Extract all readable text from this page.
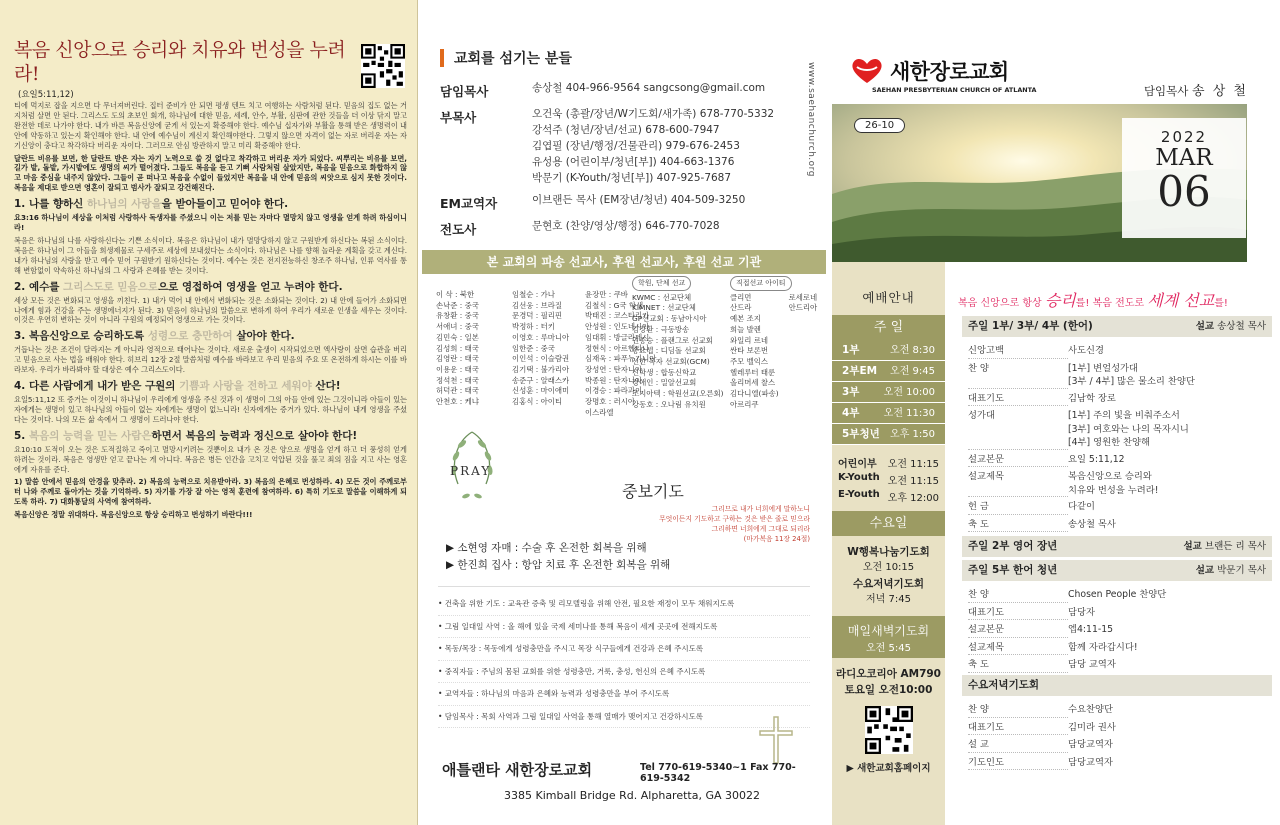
복음 신앙으로 승리와 치유와 번성을 누려라!
(요일5:11,12)

티에 먹지로 잡을 지으면 다 무너져버린다. 집터 준비가 안 되면 평생 텐트 치고 여행하는 사람처럼 된다. 믿음의 집도 없는 거지처럼 살면 안 된다. 그리스도 도의 초보인 회개, 하나님에 대한 믿음, 세례, 안수, 부활, 심판에 관한 것들을 더 이상 닦지 말고 완전한 데로 나가야 한다. 내가 바른 복음신앙에 굳게 서 있는지 확증해야 한다. 예수님 십자가와 부활을 통해 받은 생명력이 내 안에 약동하고 있는지 확인해야 한다. 내 안에 예수님이 계신지 확인해야한다. 그렇지 않으면 자격이 없는 자로 버리운 자는 자기신앙이 충다고 착각하다 버리운 자이다. 그러므로 안심 방관하지 말고 미리 확증해야 한다.

달란트 비유를 보면, 한 달란트 받은 자는 자기 노력으로 쓸 것 없다고 착각하고 버리운 자가 되었다. 씨뿌리는 비유를 보면, 길가 밭, 돌밭, 가시밭에도 생명의 씨가 떨어졌다. 그들도 복음을 듣고 기뻐 사람처럼 살았지만, 복음을 믿음으로 화합하지 않고 마음 중심을 내주지 않았다. 그들이 곧 떠나고 복음을 수없이 들었지만 복음을 내 안에 믿음의 씨앗으로 심지 못한 것이다. 복음을 제대로 받으면 영혼이 잘되고 범사가 잘되고 강건해진다.

1. 나를 향하신 하나님의 사랑을을 받아들이고 믿어야 한다.

요3:16 하나님이 세상을 이처럼 사랑하사 독생자를 주셨으니 이는 저를 믿는 자마다 멸망치 않고 영생을 얻게 하려 하심이니라!

복음은 하나님의 나를 사랑하신다는 기쁜 소식이다. 복음은 하나님이 내가 멸망당하지 않고 구원받게 하신다는 복된 소식이다. 복음은 하나님이 그 아들을 희생제물로 구세주로 세상에 보내셨다는 소식이다. 하나님은 나를 향해 놀라운 계획을 갖고 계신다. 내가 하나님의 사랑을 받고 예수 믿어 구원받기 원하신다는 것이다. 예수는 것은 전지전능하신 창조주 하나님, 인류 역사를 통해 변함없이 약속하신 하나님의 그 사랑과 은혜를 받는 것이다.

2. 예수를 그리스도로 믿음으로으로 영접하여 영생을 얻고 누려야 한다.

세상 모든 것은 변화되고 영생을 끼친다. 1) 내가 먹어 내 안에서 변화되는 것은 소화되는 것이다. 2) 내 안에 들어가 소화되면 나에게 힘과 건강을 주는 생명에너지가 된다. 3) 믿음이 하나님의 말씀으로 변하게 하여 우리가 새로운 인생을 세우는 것이다. 이것은 우연히 변하는 것이 아니라 구원의 예정되어 영생으로 가는 것이다.

3. 복음신앙으로 승리하도록 성령으로 충만하여 살아야 한다.

거듭나는 것은 조건이 달라지는 게 아니라 영적으로 태어나는 것이다. 새로운 출생이 시작되었으면 엑사랑이 살면 습관을 버리고 믿음으로 사는 법을 배워야 한다. 히브리 12장 2절 말씀처럼 예수를 바라보고 우리 믿음의 주요 또 온전하게 하시는 이를 바라보자. 우리가 바라봐야 할 대상은 예수 그리스도이다.

4. 다른 사람에게 내가 받은 구원의 기쁨과 사랑을 전하고 세워야 산다!

요일5:11,12 또 증거는 이것이니 하나님이 우리에게 영생을 주신 것과 이 생명이 그의 아들 안에 있는 그것이니라 아들이 있는 자에게는 생명이 있고 하나님의 아들이 없는 자에게는 생명이 없느니라! 신자에게는 증거가 있다. 하나님이 내게 영생을 주셨다는 것이다. 나의 모든 삶 속에서 그 생명이 드러나야 한다.

5. 복음의 능력을 믿는 사람은하면서 복음의 능력과 정신으로 살아야 한다!

요10:10 도적이 오는 것은 도적질하고 죽이고 멸망시키려는 것뿐이요 내가 온 것은 양으로 생명을 얻게 하고 더 풍성히 얻게 하려는 것이라. 복음은 영생만 얻고 끝나는 게 아니다. 복음은 병든 인간을 고치고 억압된 것을 풀고 죄의 짐을 지고 사는 영혼에게 자유를 준다.

1) 말씀 안에서 믿음의 안경을 맞추라. 2) 복음의 능력으로 치유받아라. 3) 복음의 은혜로 번성하라. 4) 모든 것이 주께로부터 나와 주께로 돌아가는 것을 기억하라. 5) 자기를 가장 잘 아는 영적 훈련에 참여하라. 6) 특히 기도로 말씀을 이해하게 되도록 하라. 7) 대화통달의 사역에 참여하라.

복음신앙은 정말 위대하다. 복음신앙으로 항상 승리하고 번성하기 바란다!!!

교회를 섬기는 분들
담임목사	송상철 404-966-9564 sangcsong@gmail.com
부목사	오건욱 (총괄/장년/W기도회/새가족) 678-770-5332
강석주 (청년/장년/선교) 678-600-7947
김엽필 (장년/행정/건물관리) 979-676-2453
유성용 (어린이부/청년[부]) 404-663-1376
박문기 (K-Youth/청년[부]) 407-925-7687
EM교역자	이브랜든 목사 (EM장년/청년) 404-509-3250
전도사	문현호 (찬양/영상/행정) 646-770-7028
본 교회의 파송 선교사, 후원 선교사, 후원 선교 기관
이 삭 : 북한
손낙준 : 중국
유창환 : 중국
서애녀 : 중국
김민숙 : 일본
김성희 : 태국
김영란 : 태국
이용운 : 태국
정석천 : 태국
허덕관 : 태국
안천호 : 케냐
임철순 : 가나
김선웅 : 브라질
문경덕 : 필리핀
박정하 : 터키
이영호 : 루마니아
임한준 : 중국
이인석 : 이슬람권
김기택 : 불가리아
송준구 : 알래스카
신성훈 : 마이애미
김홍식 : 아이티
윤장만 : 쿠바
김철식 : G국 학생
박태진 : 코스타리카
안성원 : 인도네시아
임대휘 : 방글라데시
정현식 : 아르헨티나
심재욱 : 파푸뉴기니아
장성연 : 탄자니아
박종원 : 탄자니아
이경승 : 파라과이
장명호 : 러시아
이스라엘
학원, 단체 선교
KWMC : 선교단체
KIMNET : 선교단체
GP선교회 : 동남아시아
김장환 : 극동방송
권종승 : 플랜그로 선교회
송요셉 : 디딤돌 선교회
선한 목자 선교회(GCM)
신학생 : 합동신학교
장애인 : 밀알선교회
조지아텍 : 학원선교(오른회)
강동호 : 오나림 유치원
직접선교 아이티
클리먼
산드라
예본 조지
희늘 발렌
와일리 르네
싼타 보론번
주모 벨익스
헬레루터 태룬
올리머세 찰스
김다니엘(파송)
아르리쿠
로세로네
안드리아
PRAY
중보기도
그리므로 내가 너희에게 말하노니
무엇이든지 기도하고 구하는 것은 받은 줄로 믿으라
그리하면 너희에게 그대로 되리라
(마가복음 11장 24절)
▶ 소현영 자매 : 수술 후 온전한 회복을 위해
▶ 한진희 집사 : 항암 치료 후 온전한 회복을 위해
• 건축을 위한 기도 : 교육관 증축 및 리모델링을 위해 안전, 필요한 재정이 모두 채워지도록
• 그림 일대일 사역 : 올 해에 있을 국제 세미나를 통해 복음이 세계 곳곳에 전해지도록
• 목동/목장 : 목동에게 성령충만을 주시고 목장 식구들에게 건강과 은혜 주시도록
• 중직자들 : 주님의 몸된 교회를 위한 성령충만, 거룩, 충성, 헌신의 은혜 주시도록
• 교역자들 : 하나님의 마음과 은혜와 능력과 성령충만을 부어 주시도록
• 담임목사 : 목회 사역과 그림 일대일 사역을 통해 열매가 맺어지고 건강하시도록
애틀랜타 새한장로교회	Tel 770-619-5340~1 Fax 770-619-5342
3385 Kimball Bridge Rd. Alpharetta, GA 30022
www.saehanchurch.org	새한장로교회
SAEHAN PRESBYTERIAN CHURCH OF ATLANTA	담임목사 송 상 철
26-10
2022
MAR
06
예배안내
주 일
1부	오전 8:30
2부EM 오전 9:45
3부 오전 10:00
4부 오전 11:30
5부청년 오후 1:50
어린이부 오전 11:15
K-Youth 오전 11:15
E-Youth 오후 12:00
수요일
W행복나눔기도회
오전 10:15
수요저녁기도회
저녁 7:45
매일새벽기도회
오전 5:45
라디오코리아 AM790
토요일 오전10:00
▶ 새한교회홈페이지
복음 신앙으로 항상 승리를! 복음 전도로 세계 선교를!
주일 1부/ 3부/ 4부 (한어)	설교 송상철 목사
신앙고백	사도신경
찬 양	[1부] 변얼성가대
[3부 / 4부] 많은 물소리 찬양단
대표기도	김남학 장로
성가대	[1부] 주의 빛을 비춰주소서
[3부] 여호와는 나의 목자시니
[4부] 영원한 찬양해
설교본문	요일 5:11,12
설교제목	복음신앙으로 승리와
치유와 번성을 누려라!
헌 금	다같이
축 도	송상철 목사
주일 2부 영어 장년	설교 브랜든 리 목사
주일 5부 한어 청년	설교 박문기 목사
찬 양	Chosen People 찬양단
대표기도	담당자
설교본문	엡4:11-15
설교제목	함께 자라갑시다!
축 도	담당 교역자
수요저녁기도회
찬 양	수요찬양단
대표기도	김미라 권사
설 교	담당교역자
기도인도	담당교역자
